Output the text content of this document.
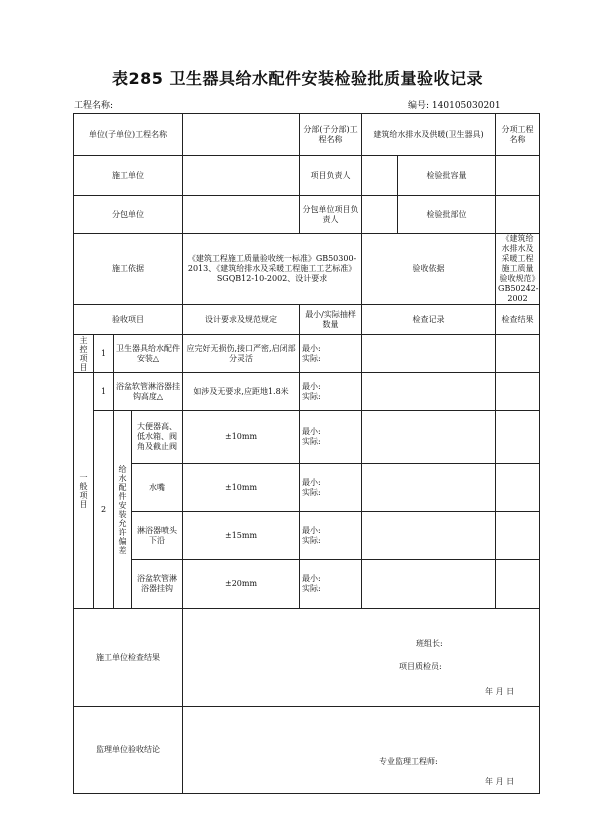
表285 卫生器具给水配件安装检验批质量验收记录
工程名称:	编号: 140105030201
单位(子单位)工程名称					分部(子分部)工程名称	建筑给水排水及供暖(卫生器具)		分项工程名称
施工单位					项目负责人		检验批容量	
分包单位					分包单位项目负责人		检验批部位	
施工依据				《建筑工程施工质量验收统一标准》GB50300-2013、《建筑给排水及采暖工程施工工艺标准》SGQB12-10-2002、设计要求		验收依据		《建筑给水排水及采暖工程施工质量验收规范》GB50242-2002
验收项目				设计要求及规范规定	最小/实际抽样数量	检查记录		检查结果
主控项目	1	卫生器具给水配件安装△		应完好无损伤,接口严密,启闭部分灵活	最小:
实际:			

一般项目	1	浴盆软管淋浴器挂钩高度△		如涉及无要求,应距地1.8米	最小:
实际:			

	2	给水配件安装允许偏差	大便器高、低水箱、阀角及截止阀	±10mm	最小:
实际:			

			水嘴	±10mm	最小:
实际:			

			淋浴器喷头下沿	±15mm	最小:
实际:			

			浴盆软管淋浴器挂钩	±20mm	最小:
实际:			

施工单位检查结果				班组长:
项目质检员:
年 月 日				

监理单位验收结论				专业监理工程师:
年 月 日				
